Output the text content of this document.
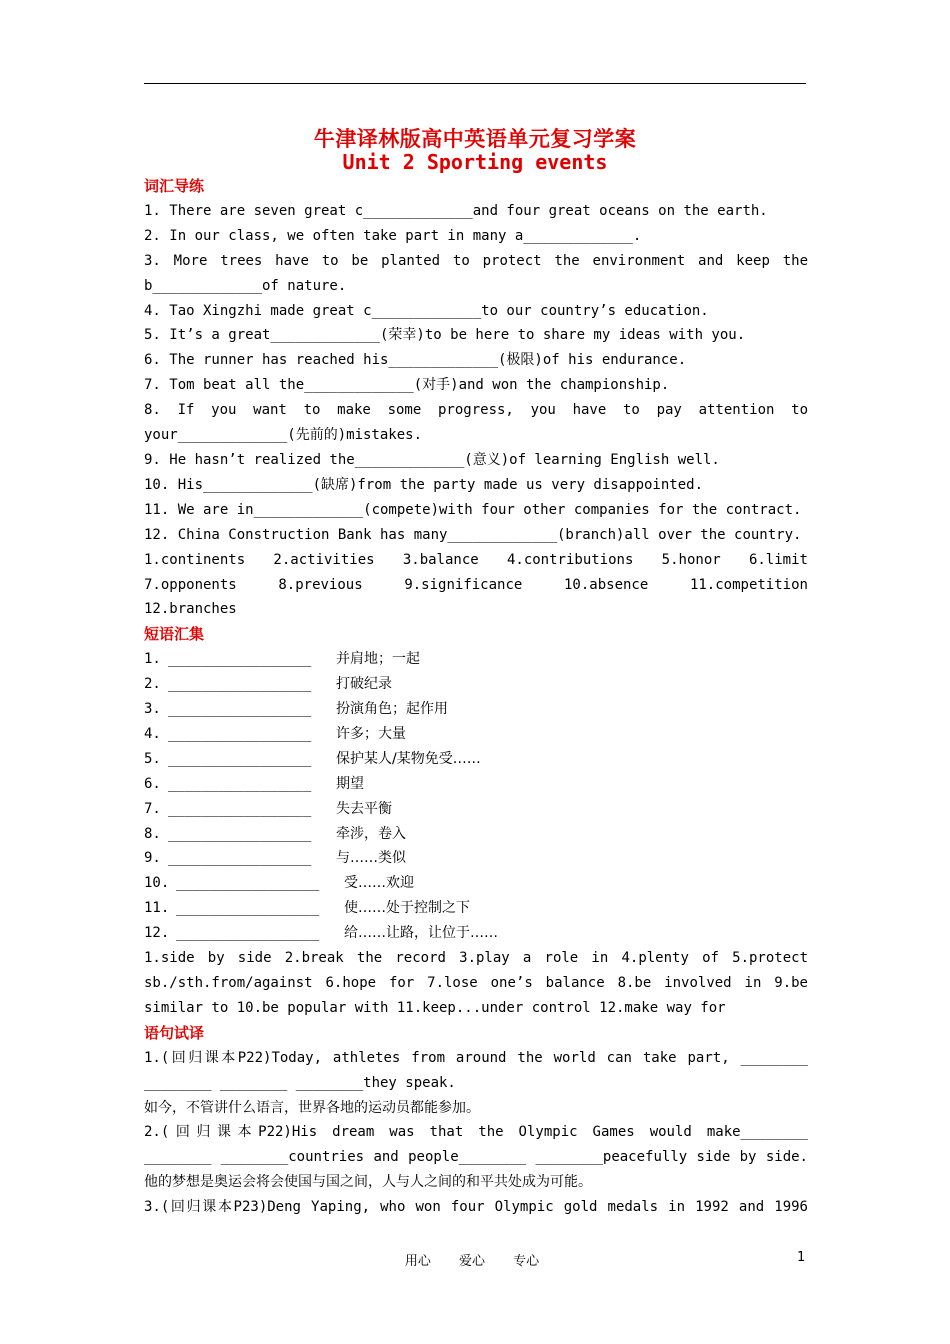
牛津译林版高中英语单元复习学案
Unit 2 Sporting events
词汇导练
1. There are seven great c_____________and four great oceans on the earth.
2. In our class, we often take part in many a_____________.
3. More trees have to be planted to protect the environment and keep the
b_____________of nature.
4. Tao Xingzhi made great c_____________to our country’s education.
5. It’s a great_____________(荣幸)to be here to share my ideas with you.
6. The runner has reached his_____________(极限)of his endurance.
7. Tom beat all the_____________(对手)and won the championship.
8. If you want to make some progress, you have to pay attention to
your_____________(先前的)mistakes.
9. He hasn’t realized the_____________(意义)of learning English well.
10. His_____________(缺席)from the party made us very disappointed.
11. We are in_____________(compete)with four other companies for the contract.
12. China Construction Bank has many_____________(branch)all over the country.
1.continents 2.activities 3.balance 4.contributions 5.honor 6.limit
7.opponents	8.previous	9.significance	10.absence	11.competition
12.branches
短语汇集
1. _________________	并肩地；一起
2. _________________	打破纪录
3. _________________	扮演角色；起作用
4. _________________	许多；大量
5. _________________	保护某人/某物免受……
6. _________________	期望
7. _________________	失去平衡
8. _________________	牵涉，卷入
9. _________________	与……类似
10. _________________	受……欢迎
11. _________________	使……处于控制之下
12. _________________	给……让路，让位于……
1.side by side 2.break the record 3.play a role in 4.plenty of 5.protect
sb./sth.from/against 6.hope for 7.lose one’s balance 8.be involved in 9.be
similar to 10.be popular with 11.keep...under control 12.make way for
语句试译
1.(回归课本P22)Today, athletes from around the world can take part, ________
________ ________ ________they speak.
如今，不管讲什么语言，世界各地的运动员都能参加。
2.(回归课本P22)His dream was that the Olympic Games would make________
________ ________countries and people________ ________peacefully side by side.
他的梦想是奥运会将会使国与国之间，人与人之间的和平共处成为可能。
3.(回归课本P23)Deng Yaping, who won four Olympic gold medals in 1992 and 1996
用心 爱心 专心	1
